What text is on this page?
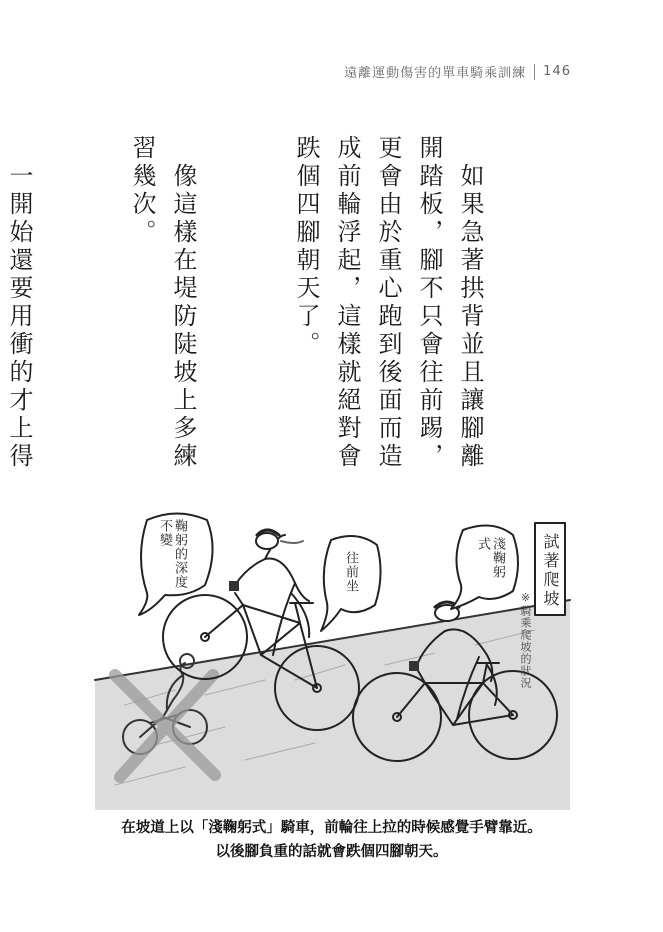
遠離運動傷害的單車騎乘訓練 146

　如果急著拱背並且讓腳離開踏板，腳不只會往前踢，更會由於重心跑到後面而造成前輪浮起，這樣就絕對會跌個四腳朝天了。

　像這樣在堤防陡坡上多練習幾次。

　一開始還要用衝的才上得

鞠躬的深度不變
往前坐	淺鞠躬式	試著爬坡
※騎乘爬坡的狀況
在坡道上以「淺鞠躬式」騎車，前輪往上拉的時候感覺手臂靠近。
以後腳負重的話就會跌個四腳朝天。
